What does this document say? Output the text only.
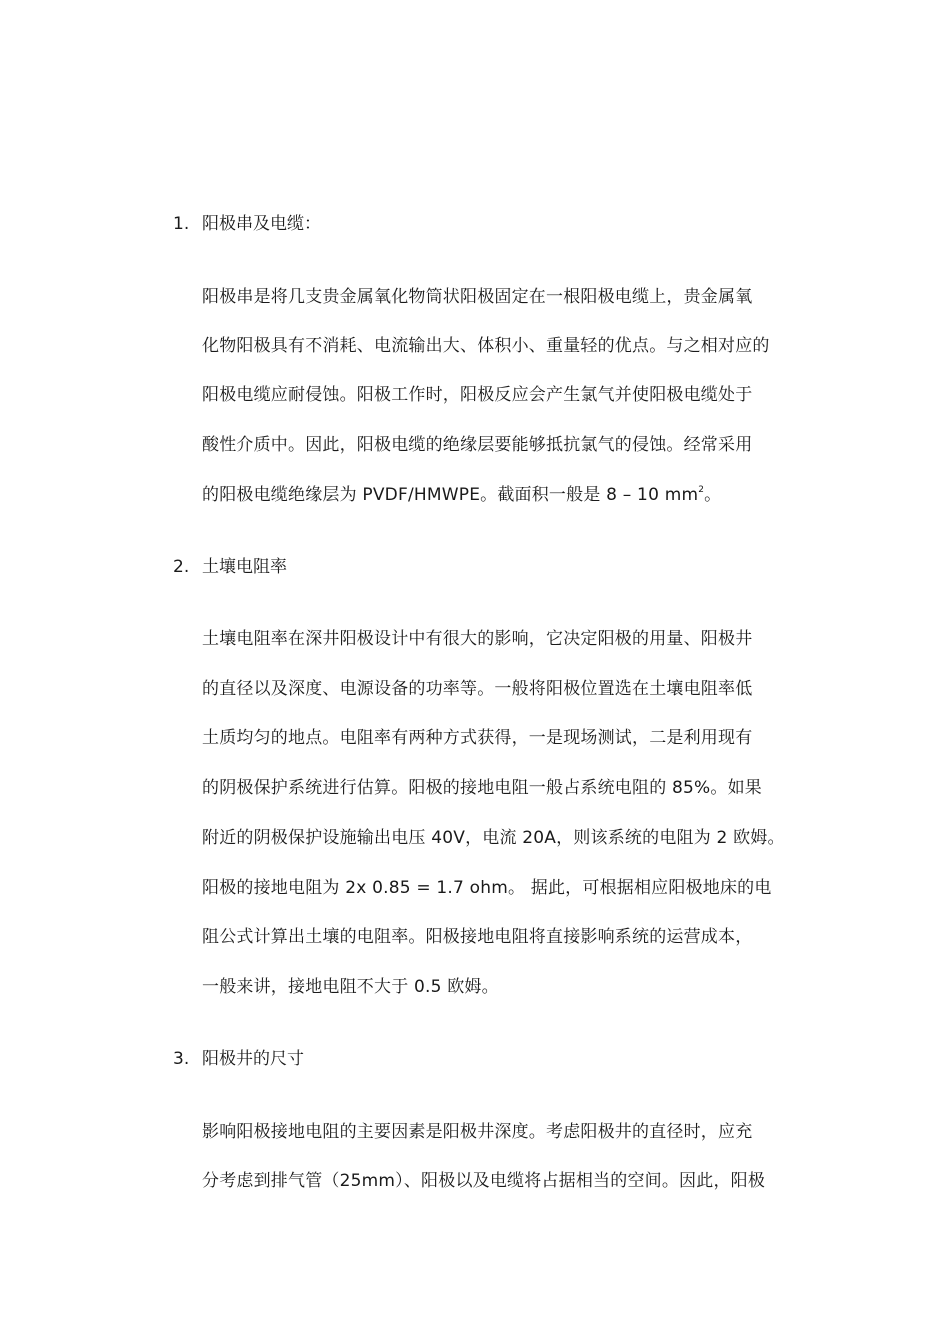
1. 阳极串及电缆：
阳极串是将几支贵金属氧化物筒状阳极固定在一根阳极电缆上，贵金属氧
化物阳极具有不消耗、电流输出大、体积小、重量轻的优点。与之相对应的
阳极电缆应耐侵蚀。阳极工作时，阳极反应会产生氯气并使阳极电缆处于
酸性介质中。因此，阳极电缆的绝缘层要能够抵抗氯气的侵蚀。经常采用
的阳极电缆绝缘层为 PVDF/HMWPE。截面积一般是 8 – 10 $mm^2$。
2. 土壤电阻率
土壤电阻率在深井阳极设计中有很大的影响，它决定阳极的用量、阳极井
的直径以及深度、电源设备的功率等。一般将阳极位置选在土壤电阻率低
土质均匀的地点。电阻率有两种方式获得，一是现场测试，二是利用现有
的阴极保护系统进行估算。阳极的接地电阻一般占系统电阻的 85%。如果
附近的阴极保护设施输出电压 40V，电流 20A，则该系统的电阻为 2 欧姆。
阳极的接地电阻为 2x 0.85 = 1.7 ohm。 据此，可根据相应阳极地床的电
阻公式计算出土壤的电阻率。阳极接地电阻将直接影响系统的运营成本，
一般来讲，接地电阻不大于 0.5 欧姆。
3. 阳极井的尺寸
影响阳极接地电阻的主要因素是阳极井深度。考虑阳极井的直径时，应充
分考虑到排气管（25mm）、阳极以及电缆将占据相当的空间。因此，阳极
